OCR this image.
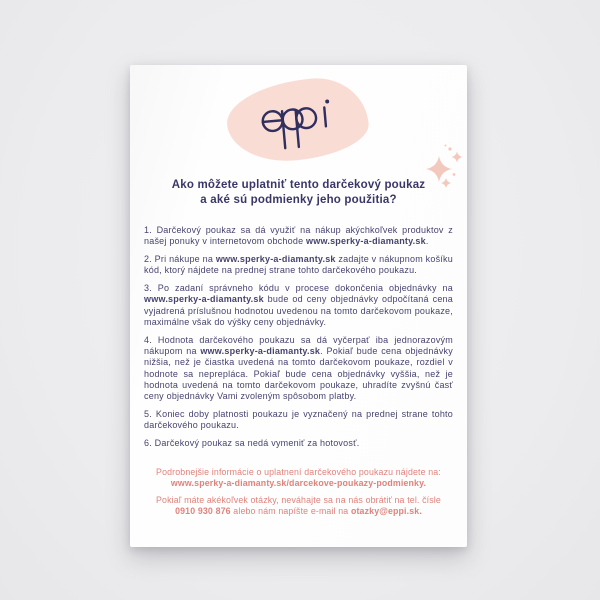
Ako môžete uplatniť tento darčekový poukaz
a aké sú podmienky jeho použitia?

1. Darčekový poukaz sa dá využiť na nákup akýchkoľvek produktov z našej ponuky v internetovom obchode www.sperky-a-diamanty.sk.

2. Pri nákupe na www.sperky-a-diamanty.sk zadajte v nákupnom košíku kód, ktorý nájdete na prednej strane tohto darčekového poukazu.

3. Po zadaní správneho kódu v procese dokončenia objednávky na www.sperky-a-diamanty.sk bude od ceny objednávky odpočítaná cena vyjadrená príslušnou hodnotou uvedenou na tomto darčekovom poukaze, maximálne však do výšky ceny objednávky.

4. Hodnota darčekového poukazu sa dá vyčerpať iba jednorazovým nákupom na www.sperky-a-diamanty.sk. Pokiaľ bude cena objednávky nižšia, než je čiastka uvedená na tomto darčekovom poukaze, rozdiel v hodnote sa neprepláca. Pokiaľ bude cena objednávky vyššia, než je hodnota uvedená na tomto darčekovom poukaze, uhradíte zvyšnú časť ceny objednávky Vami zvoleným spôsobom platby.

5. Koniec doby platnosti poukazu je vyznačený na prednej strane tohto darčekového poukazu.

6. Darčekový poukaz sa nedá vymeniť za hotovosť.

Podrobnejšie informácie o uplatnení darčekového poukazu nájdete na:
www.sperky-a-diamanty.sk/darcekove-poukazy-podmienky.

Pokiaľ máte akékoľvek otázky, neváhajte sa na nás obrátiť na tel. čísle
0910 930 876 alebo nám napíšte e-mail na otazky@eppi.sk.
